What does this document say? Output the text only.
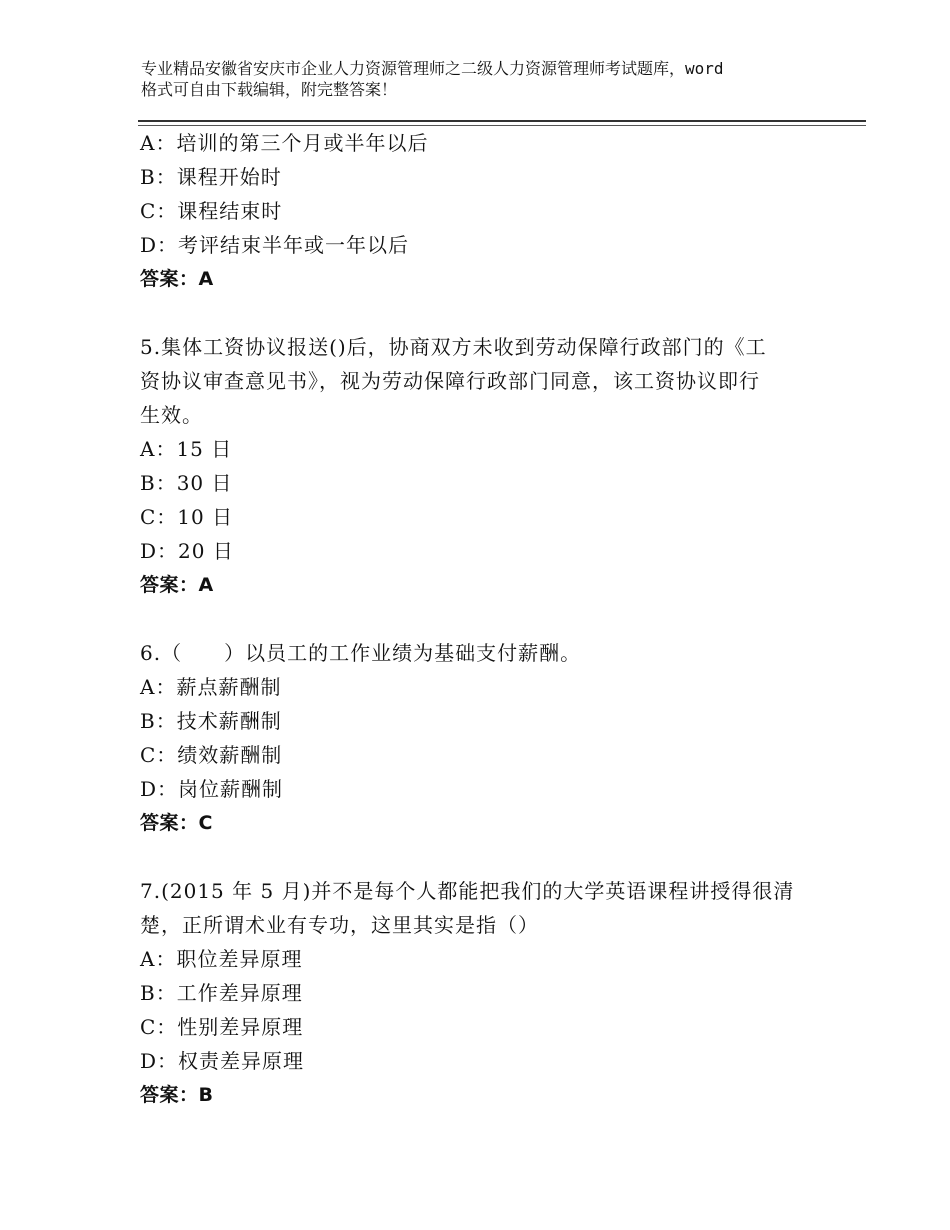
专业精品安徽省安庆市企业人力资源管理师之二级人力资源管理师考试题库，word
格式可自由下载编辑，附完整答案！
A：培训的第三个月或半年以后
B：课程开始时
C：课程结束时
D：考评结束半年或一年以后
答案：A
5.集体工资协议报送()后，协商双方未收到劳动保障行政部门的《工
资协议审查意见书》，视为劳动保障行政部门同意，该工资协议即行
生效。
A：15 日
B：30 日
C：10 日
D：20 日
答案：A
6.（　　）以员工的工作业绩为基础支付薪酬。
A：薪点薪酬制
B：技术薪酬制
C：绩效薪酬制
D：岗位薪酬制
答案：C
7.(2015 年 5 月)并不是每个人都能把我们的大学英语课程讲授得很清
楚，正所谓术业有专功，这里其实是指（）
A：职位差异原理
B：工作差异原理
C：性别差异原理
D：权责差异原理
答案：B
